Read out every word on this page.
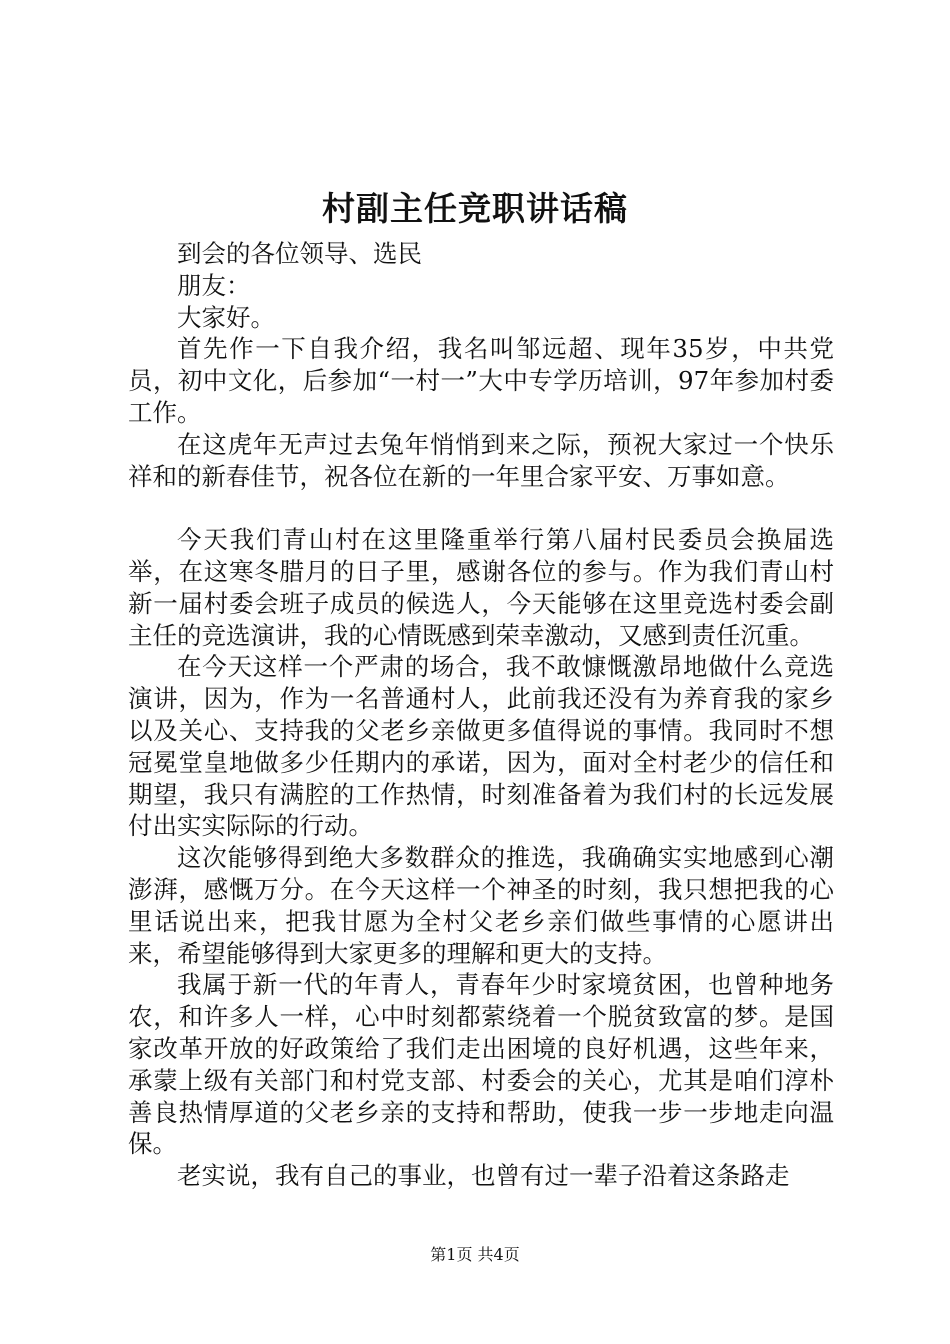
村副主任竞职讲话稿

到会的各位领导、选民

朋友：

大家好。

首先作一下自我介绍，我名叫邹远超、现年35岁，中共党员，初中文化，后参加“一村一”大中专学历培训，97年参加村委工作。

在这虎年无声过去兔年悄悄到来之际，预祝大家过一个快乐祥和的新春佳节，祝各位在新的一年里合家平安、万事如意。

今天我们青山村在这里隆重举行第八届村民委员会换届选举，在这寒冬腊月的日子里，感谢各位的参与。作为我们青山村新一届村委会班子成员的候选人，今天能够在这里竞选村委会副主任的竞选演讲，我的心情既感到荣幸激动，又感到责任沉重。

在今天这样一个严肃的场合，我不敢慷慨激昂地做什么竞选演讲，因为，作为一名普通村人，此前我还没有为养育我的家乡以及关心、支持我的父老乡亲做更多值得说的事情。我同时不想冠冕堂皇地做多少任期内的承诺，因为，面对全村老少的信任和期望，我只有满腔的工作热情，时刻准备着为我们村的长远发展付出实实际际的行动。

这次能够得到绝大多数群众的推选，我确确实实地感到心潮澎湃，感慨万分。在今天这样一个神圣的时刻，我只想把我的心里话说出来，把我甘愿为全村父老乡亲们做些事情的心愿讲出来，希望能够得到大家更多的理解和更大的支持。

我属于新一代的年青人，青春年少时家境贫困，也曾种地务农，和许多人一样，心中时刻都萦绕着一个脱贫致富的梦。是国家改革开放的好政策给了我们走出困境的良好机遇，这些年来，承蒙上级有关部门和村党支部、村委会的关心，尤其是咱们淳朴善良热情厚道的父老乡亲的支持和帮助，使我一步一步地走向温保。

老实说，我有自己的事业，也曾有过一辈子沿着这条路走

第1页 共4页
